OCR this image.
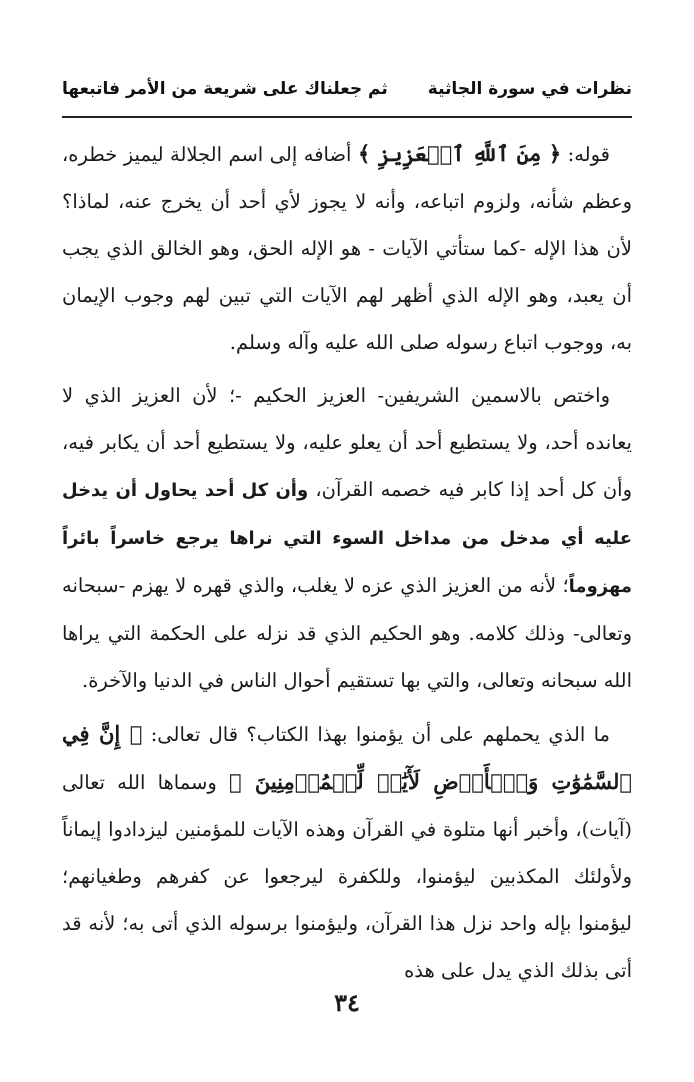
نظرات في سورة الجاثية
ثم جعلناك على شريعة من الأمر فاتبعها

قوله: ﴿ مِنَ ٱللَّهِ ٱلۡعَزِيزِ ﴾ أضافه إلى اسم الجلالة ليميز خطره، وعظم شأنه، ولزوم اتباعه، وأنه لا يجوز لأي أحد أن يخرج عنه، لماذا؟ لأن هذا الإله -كما ستأتي الآيات - هو الإله الحق، وهو الخالق الذي يجب أن يعبد، وهو الإله الذي أظهر لهم الآيات التي تبين لهم وجوب الإيمان به، ووجوب اتباع رسوله صلى الله عليه وآله وسلم.

واختص بالاسمين الشريفين- العزيز الحكيم -؛ لأن العزيز الذي لا يعانده أحد، ولا يستطيع أحد أن يعلو عليه، ولا يستطيع أحد أن يكابر فيه، وأن كل أحد إذا كابر فيه خصمه القرآن، وأن كل أحد يحاول أن يدخل عليه أي مدخل من مداخل السوء التي نراها يرجع خاسراً بائراً مهزوماً؛ لأنه من العزيز الذي عزه لا يغلب، والذي قهره لا يهزم -سبحانه وتعالى- وذلك كلامه. وهو الحكيم الذي قد نزله على الحكمة التي يراها الله سبحانه وتعالى، والتي بها تستقيم أحوال الناس في الدنيا والآخرة.

ما الذي يحملهم على أن يؤمنوا بهذا الكتاب؟ قال تعالى: ﴿ إِنَّ فِي ٱلسَّمَٰوَٰتِ وَٱلۡأَرۡضِ لَأٓيَٰتٖ لِّلۡمُؤۡمِنِينَ ﴾ وسماها الله تعالى (آيات)، وأخبر أنها متلوة في القرآن وهذه الآيات للمؤمنين ليزدادوا إيماناً ولأولئك المكذبين ليؤمنوا، وللكفرة ليرجعوا عن كفرهم وطغيانهم؛ ليؤمنوا بإله واحد نزل هذا القرآن، وليؤمنوا برسوله الذي أتى به؛ لأنه قد أتى بذلك الذي يدل على هذه

٣٤
